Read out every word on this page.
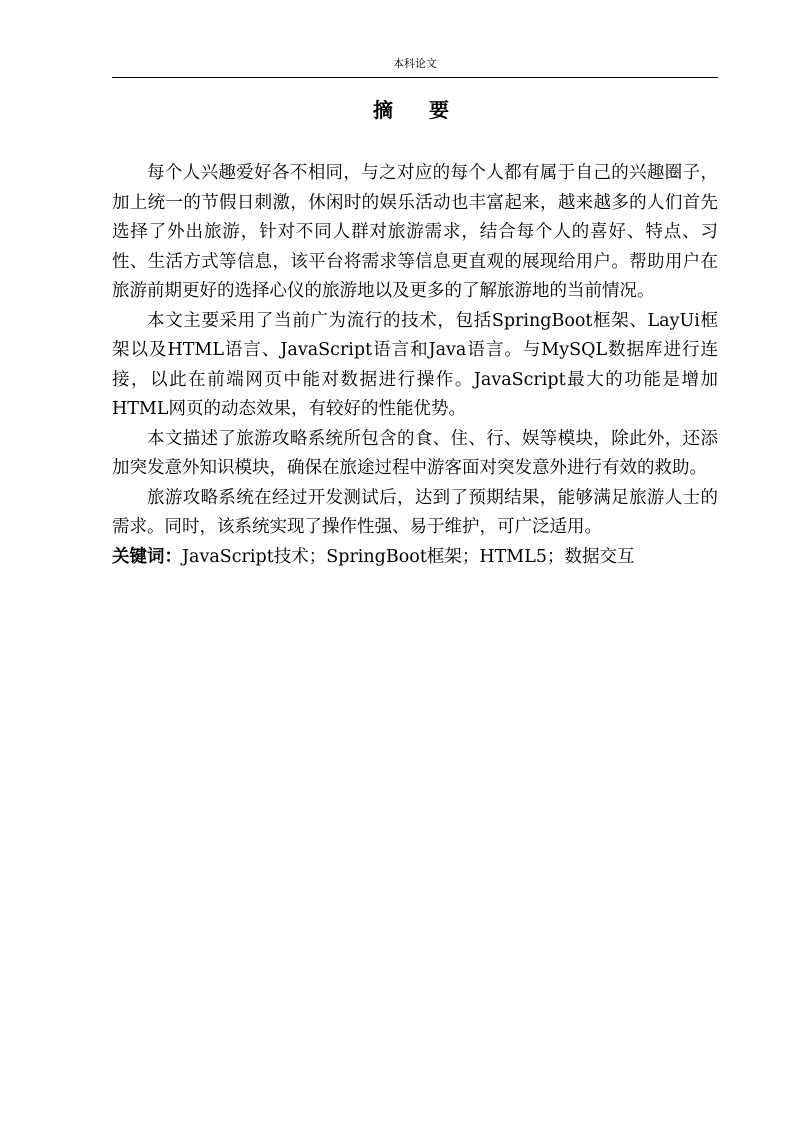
本科论文
摘　要

每个人兴趣爱好各不相同，与之对应的每个人都有属于自己的兴趣圈子，加上统一的节假日刺激，休闲时的娱乐活动也丰富起来，越来越多的人们首先选择了外出旅游，针对不同人群对旅游需求，结合每个人的喜好、特点、习性、生活方式等信息，该平台将需求等信息更直观的展现给用户。帮助用户在旅游前期更好的选择心仪的旅游地以及更多的了解旅游地的当前情况。

本文主要采用了当前广为流行的技术，包括SpringBoot框架、LayUi框架以及HTML语言、JavaScript语言和Java语言。与MySQL数据库进行连接，以此在前端网页中能对数据进行操作。JavaScript最大的功能是增加HTML网页的动态效果，有较好的性能优势。

本文描述了旅游攻略系统所包含的食、住、行、娱等模块，除此外，还添加突发意外知识模块，确保在旅途过程中游客面对突发意外进行有效的救助。

旅游攻略系统在经过开发测试后，达到了预期结果，能够满足旅游人士的需求。同时，该系统实现了操作性强、易于维护，可广泛适用。

关键词：JavaScript技术；SpringBoot框架；HTML5；数据交互
